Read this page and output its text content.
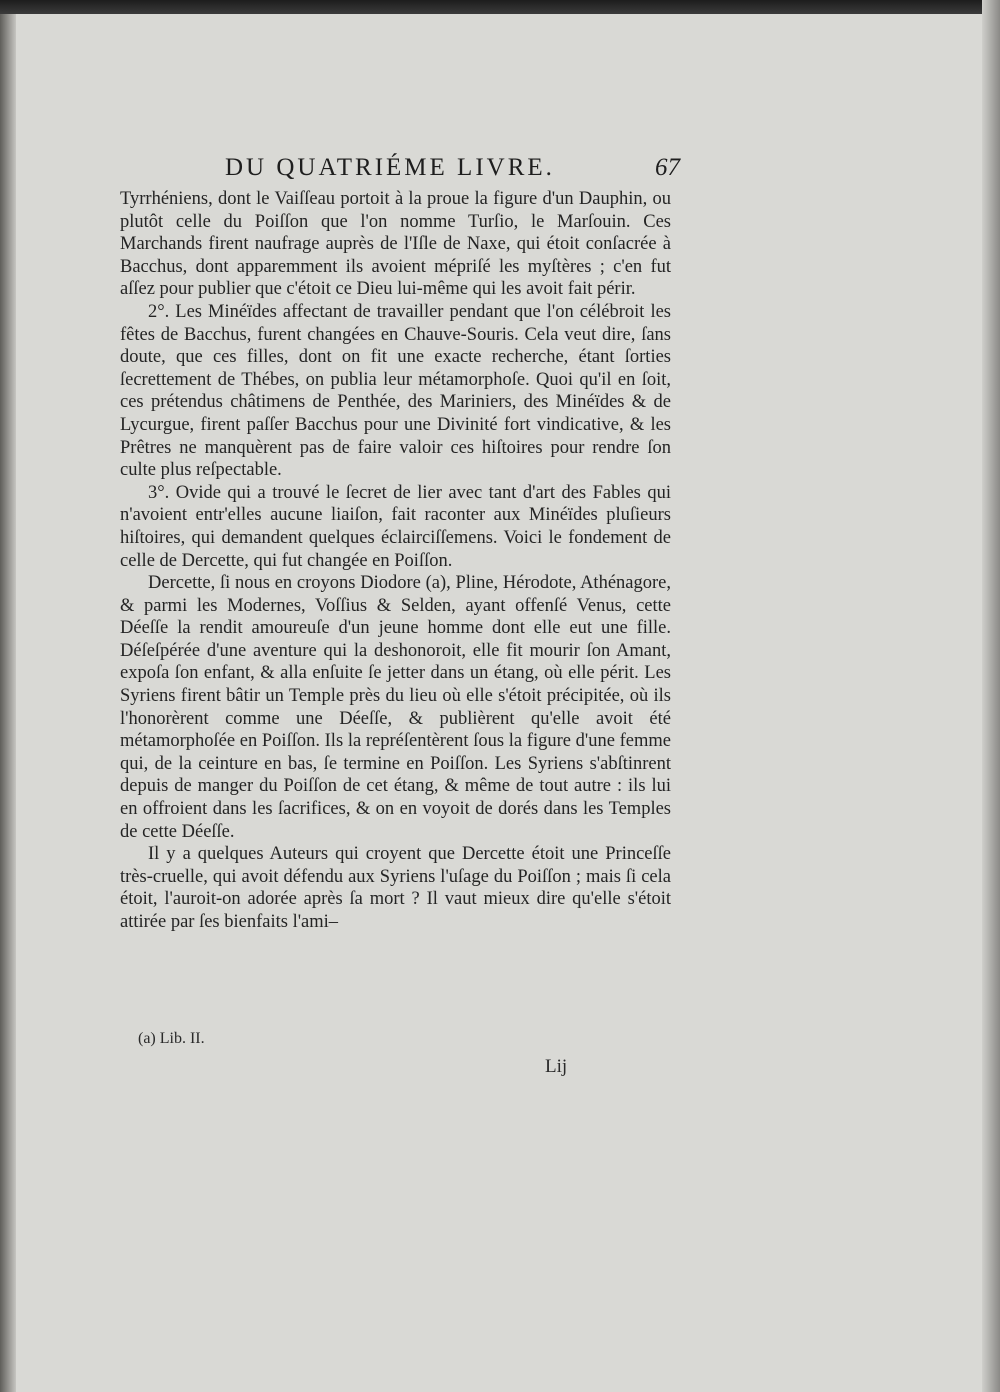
DU QUATRIÉME LIVRE.	67

Tyrrhéniens, dont le Vaiſſeau portoit à la proue la figure d'un Dauphin, ou plutôt celle du Poiſſon que l'on nomme Turſio, le Marſouin. Ces Marchands firent naufrage auprès de l'Iſle de Naxe, qui étoit conſacrée à Bacchus, dont apparemment ils avoient mépriſé les myſtères ; c'en fut aſſez pour publier que c'étoit ce Dieu lui-même qui les avoit fait périr.

2°. Les Minéïdes affectant de travailler pendant que l'on célébroit les fêtes de Bacchus, furent changées en Chauve-Souris. Cela veut dire, ſans doute, que ces filles, dont on fit une exacte recherche, étant ſorties ſecrettement de Thébes, on publia leur métamorphoſe. Quoi qu'il en ſoit, ces prétendus châtimens de Penthée, des Mariniers, des Minéïdes & de Lycurgue, firent paſſer Bacchus pour une Divinité fort vindicative, & les Prêtres ne manquèrent pas de faire valoir ces hiſtoires pour rendre ſon culte plus reſpectable.

3°. Ovide qui a trouvé le ſecret de lier avec tant d'art des Fables qui n'avoient entr'elles aucune liaiſon, fait raconter aux Minéïdes pluſieurs hiſtoires, qui demandent quelques éclairciſſemens. Voici le fondement de celle de Dercette, qui fut changée en Poiſſon.

Dercette, ſi nous en croyons Diodore (a), Pline, Hérodote, Athénagore, & parmi les Modernes, Voſſius & Selden, ayant offenſé Venus, cette Déeſſe la rendit amoureuſe d'un jeune homme dont elle eut une fille. Déſeſpérée d'une aventure qui la deshonoroit, elle fit mourir ſon Amant, expoſa ſon enfant, & alla enſuite ſe jetter dans un étang, où elle périt. Les Syriens firent bâtir un Temple près du lieu où elle s'étoit précipitée, où ils l'honorèrent comme une Déeſſe, & publièrent qu'elle avoit été métamorphoſée en Poiſſon. Ils la repréſentèrent ſous la figure d'une femme qui, de la ceinture en bas, ſe termine en Poiſſon. Les Syriens s'abſtinrent depuis de manger du Poiſſon de cet étang, & même de tout autre : ils lui en offroient dans les ſacrifices, & on en voyoit de dorés dans les Temples de cette Déeſſe.

Il y a quelques Auteurs qui croyent que Dercette étoit une Princeſſe très-cruelle, qui avoit défendu aux Syriens l'uſage du Poiſſon ; mais ſi cela étoit, l'auroit-on adorée après ſa mort ? Il vaut mieux dire qu'elle s'étoit attirée par ſes bienfaits l'ami–

(a) Lib. II.
Lij
